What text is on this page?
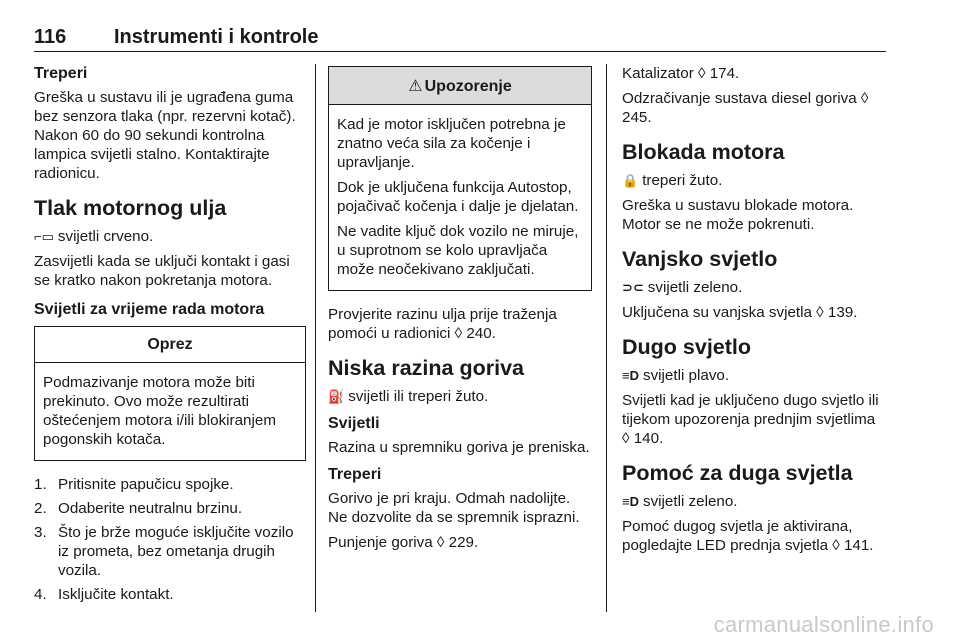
116 Instrumenti i kontrole
Treperi

Greška u sustavu ili je ugrađena guma bez senzora tlaka (npr. rezervni kotač). Nakon 60 do 90 sekundi kontrolna lampica svijetli stalno. Kontaktirajte radionicu.

Tlak motornog ulja

⌐▭ svijetli crveno.

Zasvijetli kada se uključi kontakt i gasi se kratko nakon pokretanja motora.

Svijetli za vrijeme rada motora
Oprez

Podmazivanje motora može biti prekinuto. Ovo može rezultirati oštećenjem motora i/ili blokiranjem pogonskih kotača.

1. Pritisnite papučicu spojke.
2. Odaberite neutralnu brzinu.
3. Što je brže moguće isključite vozilo iz prometa, bez ometanja drugih vozila.
4. Isključite kontakt.
⚠ Upozorenje

Kad je motor isključen potrebna je znatno veća sila za kočenje i upravljanje.

Dok je uključena funkcija Autostop, pojačivač kočenja i dalje je djelatan.

Ne vadite ključ dok vozilo ne miruje, u suprotnom se kolo upravljača može neočekivano zaključati.

Provjerite razinu ulja prije traženja pomoći u radionici ◊ 240.

Niska razina goriva

⛽ svijetli ili treperi žuto.

Svijetli

Razina u spremniku goriva je preniska.

Treperi

Gorivo je pri kraju. Odmah nadolijte. Ne dozvolite da se spremnik isprazni.

Punjenje goriva ◊ 229.

Katalizator ◊ 174.

Odzračivanje sustava diesel goriva ◊ 245.

Blokada motora

🔒 treperi žuto.

Greška u sustavu blokade motora. Motor se ne može pokrenuti.

Vanjsko svjetlo

⊃⊂ svijetli zeleno.

Uključena su vanjska svjetla ◊ 139.

Dugo svjetlo

≡D svijetli plavo.

Svijetli kad je uključeno dugo svjetlo ili tijekom upozorenja prednjim svjetlima ◊ 140.

Pomoć za duga svjetla

≡D svijetli zeleno.

Pomoć dugog svjetla je aktivirana, pogledajte LED prednja svjetla ◊ 141.

carmanualsonline.info
